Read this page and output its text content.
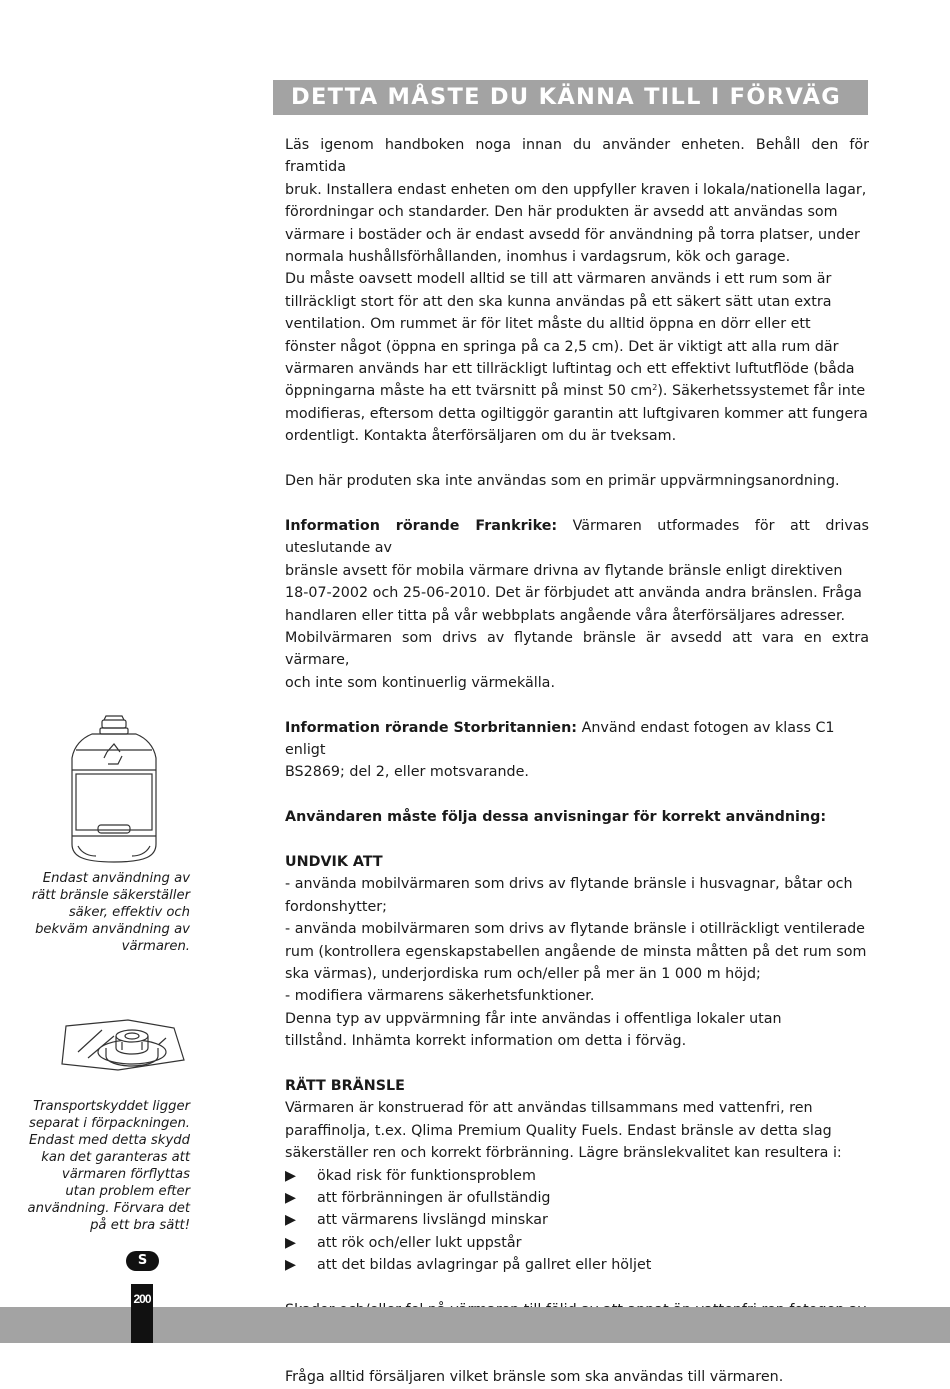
DETTA MÅSTE DU KÄNNA TILL I FÖRVÄG

Läs igenom handboken noga innan du använder enheten. Behåll den för framtida

bruk. Installera endast enheten om den uppfyller kraven i lokala/nationella lagar,

förordningar och standarder. Den här produkten är avsedd att användas som

värmare i bostäder och är endast avsedd för användning på torra platser, under

normala hushållsförhållanden, inomhus i vardagsrum, kök och garage.

Du måste oavsett modell alltid se till att värmaren används i ett rum som är

tillräckligt stort för att den ska kunna användas på ett säkert sätt utan extra

ventilation. Om rummet är för litet måste du alltid öppna en dörr eller ett

fönster något (öppna en springa på ca 2,5 cm). Det är viktigt att alla rum där

värmaren används har ett tillräckligt luftintag och ett effektivt luftutflöde (båda

öppningarna måste ha ett tvärsnitt på minst 50 $cm^2$). Säkerhetssystemet får inte

modifieras, eftersom detta ogiltiggör garantin att luftgivaren kommer att fungera

ordentligt. Kontakta återförsäljaren om du är tveksam.

Den här produten ska inte användas som en primär uppvärmningsanordning.

Information rörande Frankrike: Värmaren utformades för att drivas uteslutande av

bränsle avsett för mobila värmare drivna av flytande bränsle enligt direktiven

18-07-2002 och 25-06-2010. Det är förbjudet att använda andra bränslen. Fråga

handlaren eller titta på vår webbplats angående våra återförsäljares adresser.

Mobilvärmaren som drivs av flytande bränsle är avsedd att vara en extra värmare,

och inte som kontinuerlig värmekälla.

Information rörande Storbritannien: Använd endast fotogen av klass C1 enligt

BS2869; del 2, eller motsvarande.

Användaren måste följa dessa anvisningar för korrekt användning:

UNDVIK ATT

- använda mobilvärmaren som drivs av flytande bränsle i husvagnar, båtar och

fordonshytter;

- använda mobilvärmaren som drivs av flytande bränsle i otillräckligt ventilerade

rum (kontrollera egenskapstabellen angående de minsta måtten på det rum som

ska värmas), underjordiska rum och/eller på mer än 1 000 m höjd;

- modifiera värmarens säkerhetsfunktioner.

Denna typ av uppvärmning får inte användas i offentliga lokaler utan

tillstånd. Inhämta korrekt information om detta i förväg.

RÄTT BRÄNSLE

Värmaren är konstruerad för att användas tillsammans med vattenfri, ren

paraffinolja, t.ex. Qlima Premium Quality Fuels. Endast bränsle av detta slag

säkerställer ren och korrekt förbränning. Lägre bränslekvalitet kan resultera i:

▶ ökad risk för funktionsproblem
▶ att förbränningen är ofullständig
▶ att värmarens livslängd minskar
▶ att rök och/eller lukt uppstår
▶ att det bildas avlagringar på gallret eller höljet

Fråga alltid försäljaren vilket bränsle som ska användas till värmaren.

Endast användning av
rätt bränsle säkerställer
säker, effektiv och
bekväm användning av
värmaren.
Transportskyddet ligger
separat i förpackningen.
Endast med detta skydd
kan det garanteras att
värmaren förflyttas
utan problem efter
användning. Förvara det
på ett bra sätt!
S
200
